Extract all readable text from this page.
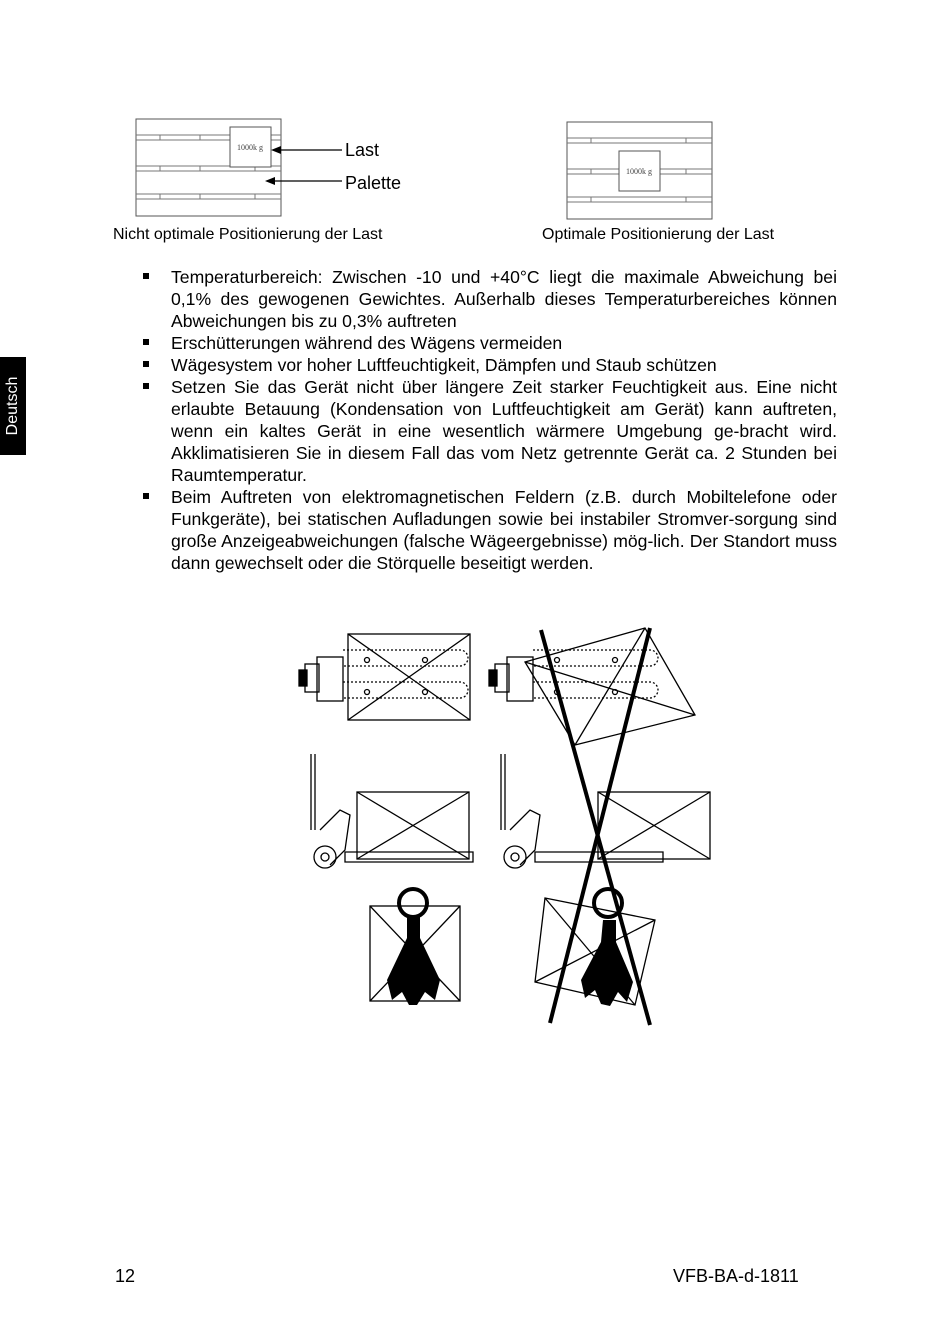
Deutsch
1000k g	Last
Palette
Nicht optimale Positionierung der Last
1000k g
Optimale Positionierung der Last
Temperaturbereich: Zwischen -10 und +40°C liegt die maximale Abweichung bei 0,1% des gewogenen Gewichtes. Außerhalb dieses Temperaturbereiches können Abweichungen bis zu 0,3% auftreten
Erschütterungen während des Wägens vermeiden
Wägesystem vor hoher Luftfeuchtigkeit, Dämpfen und Staub schützen
Setzen Sie das Gerät nicht über längere Zeit starker Feuchtigkeit aus. Eine nicht erlaubte Betauung (Kondensation von Luftfeuchtigkeit am Gerät) kann auftreten, wenn ein kaltes Gerät in eine wesentlich wärmere Umgebung ge-bracht wird. Akklimatisieren Sie in diesem Fall das vom Netz getrennte Gerät ca. 2 Stunden bei Raumtemperatur.
Beim Auftreten von elektromagnetischen Feldern (z.B. durch Mobiltelefone oder Funkgeräte), bei statischen Aufladungen sowie bei instabiler Stromver-sorgung sind große Anzeigeabweichungen (falsche Wägeergebnisse) mög-lich. Der Standort muss dann gewechselt oder die Störquelle beseitigt werden.
12	VFB-BA-d-1811
